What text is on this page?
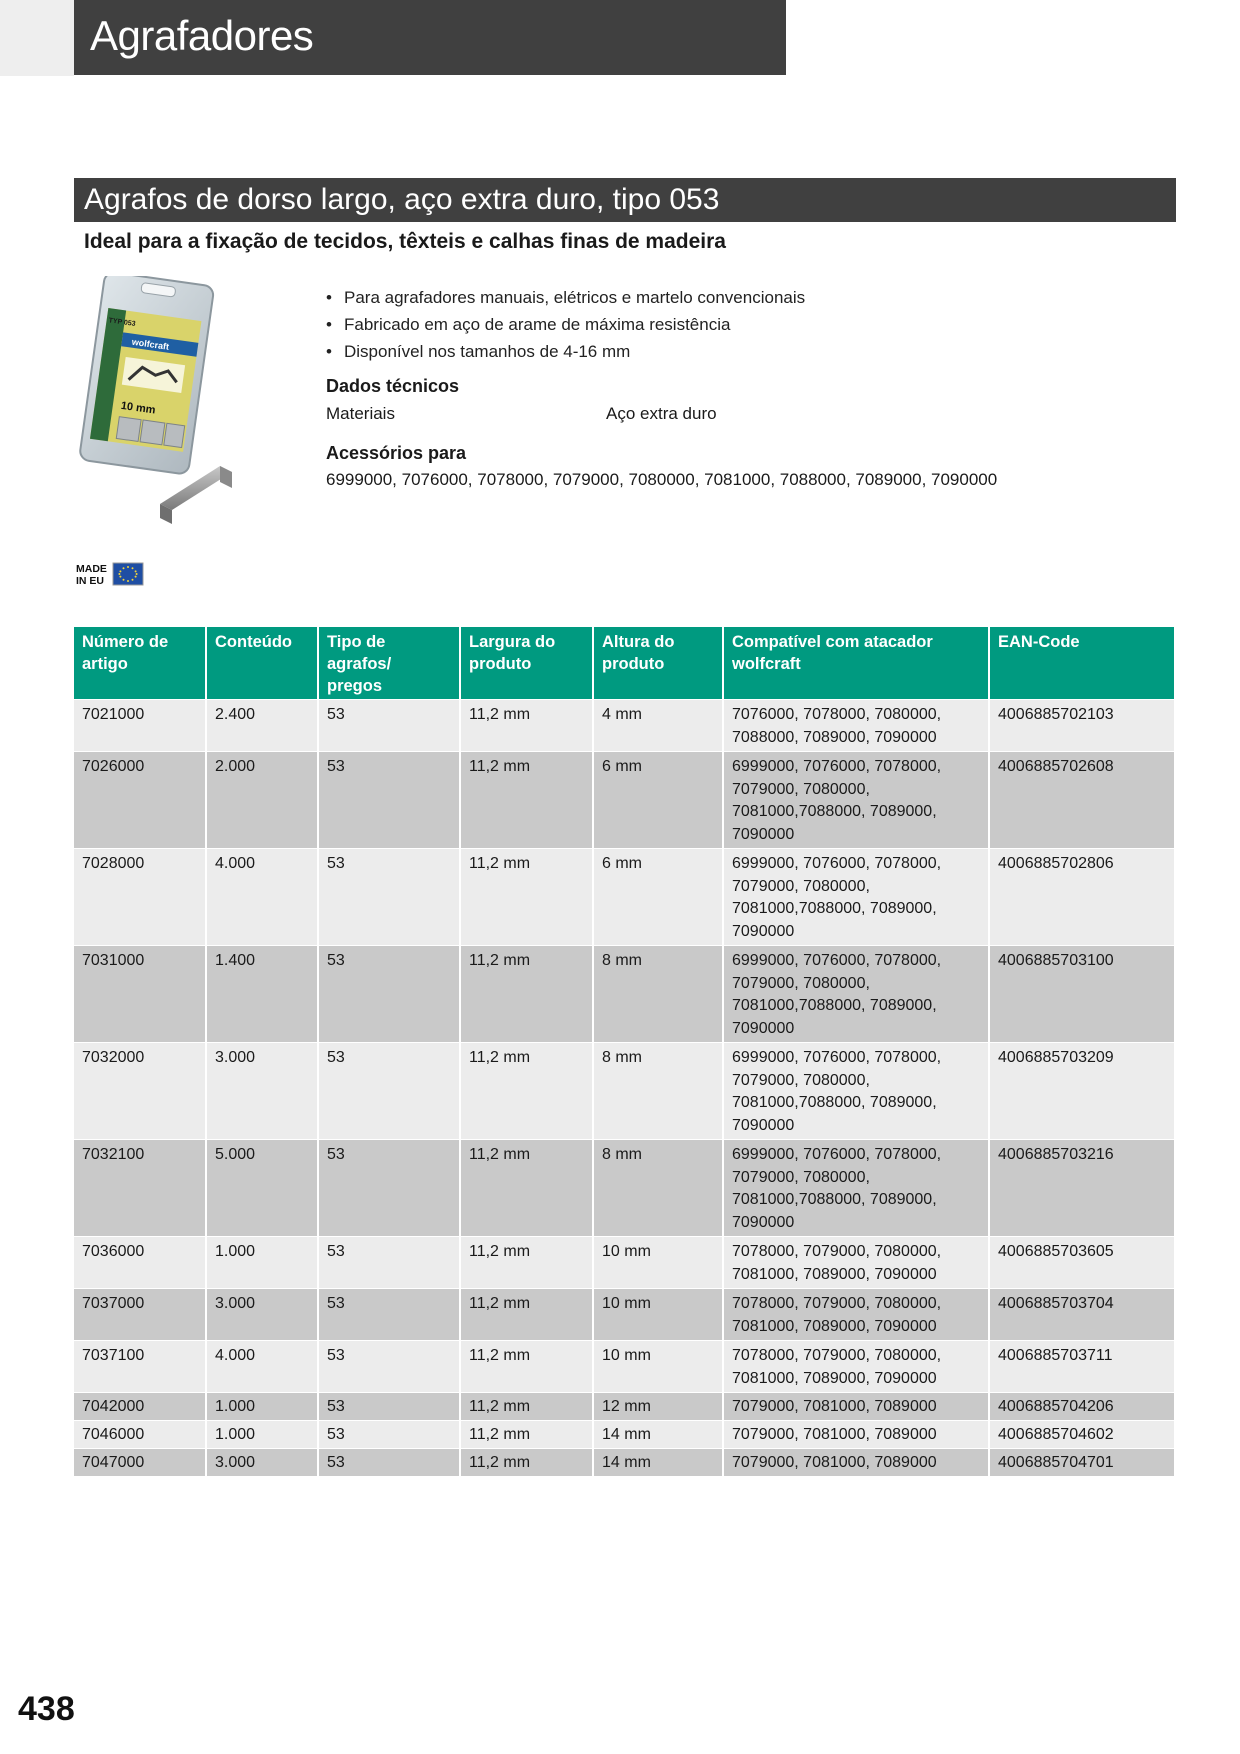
Agrafadores
Agrafos de dorso largo, aço extra duro, tipo 053
Ideal para a fixação de tecidos, têxteis e calhas finas de madeira
wolfcraft
TYP 053
10 mm
• Para agrafadores manuais, elétricos e martelo convencionais
• Fabricado em aço de arame de máxima resistência
• Disponível nos tamanhos de 4-16 mm
Dados técnicos
Materiais	Aço extra duro
Acessórios para
6999000, 7076000, 7078000, 7079000, 7080000, 7081000, 7088000, 7089000, 7090000
MADE
IN EU
Número de
artigo	Conteúdo	Tipo de agrafos/
pregos	Largura do
produto	Altura do
produto	Compatível com atacador
wolfcraft	EAN-Code
7021000	2.400	53	11,2 mm	4 mm	7076000, 7078000, 7080000,
7088000, 7089000, 7090000	4006885702103
7026000	2.000	53	11,2 mm	6 mm	6999000, 7076000, 7078000,
7079000, 7080000,
7081000,7088000, 7089000,
7090000	4006885702608
7028000	4.000	53	11,2 mm	6 mm	6999000, 7076000, 7078000,
7079000, 7080000,
7081000,7088000, 7089000,
7090000	4006885702806
7031000	1.400	53	11,2 mm	8 mm	6999000, 7076000, 7078000,
7079000, 7080000,
7081000,7088000, 7089000,
7090000	4006885703100
7032000	3.000	53	11,2 mm	8 mm	6999000, 7076000, 7078000,
7079000, 7080000,
7081000,7088000, 7089000,
7090000	4006885703209
7032100	5.000	53	11,2 mm	8 mm	6999000, 7076000, 7078000,
7079000, 7080000,
7081000,7088000, 7089000,
7090000	4006885703216
7036000	1.000	53	11,2 mm	10 mm	7078000, 7079000, 7080000,
7081000, 7089000, 7090000	4006885703605
7037000	3.000	53	11,2 mm	10 mm	7078000, 7079000, 7080000,
7081000, 7089000, 7090000	4006885703704
7037100	4.000	53	11,2 mm	10 mm	7078000, 7079000, 7080000,
7081000, 7089000, 7090000	4006885703711
7042000	1.000	53	11,2 mm	12 mm	7079000, 7081000, 7089000	4006885704206
7046000	1.000	53	11,2 mm	14 mm	7079000, 7081000, 7089000	4006885704602
7047000	3.000	53	11,2 mm	14 mm	7079000, 7081000, 7089000	4006885704701
438
